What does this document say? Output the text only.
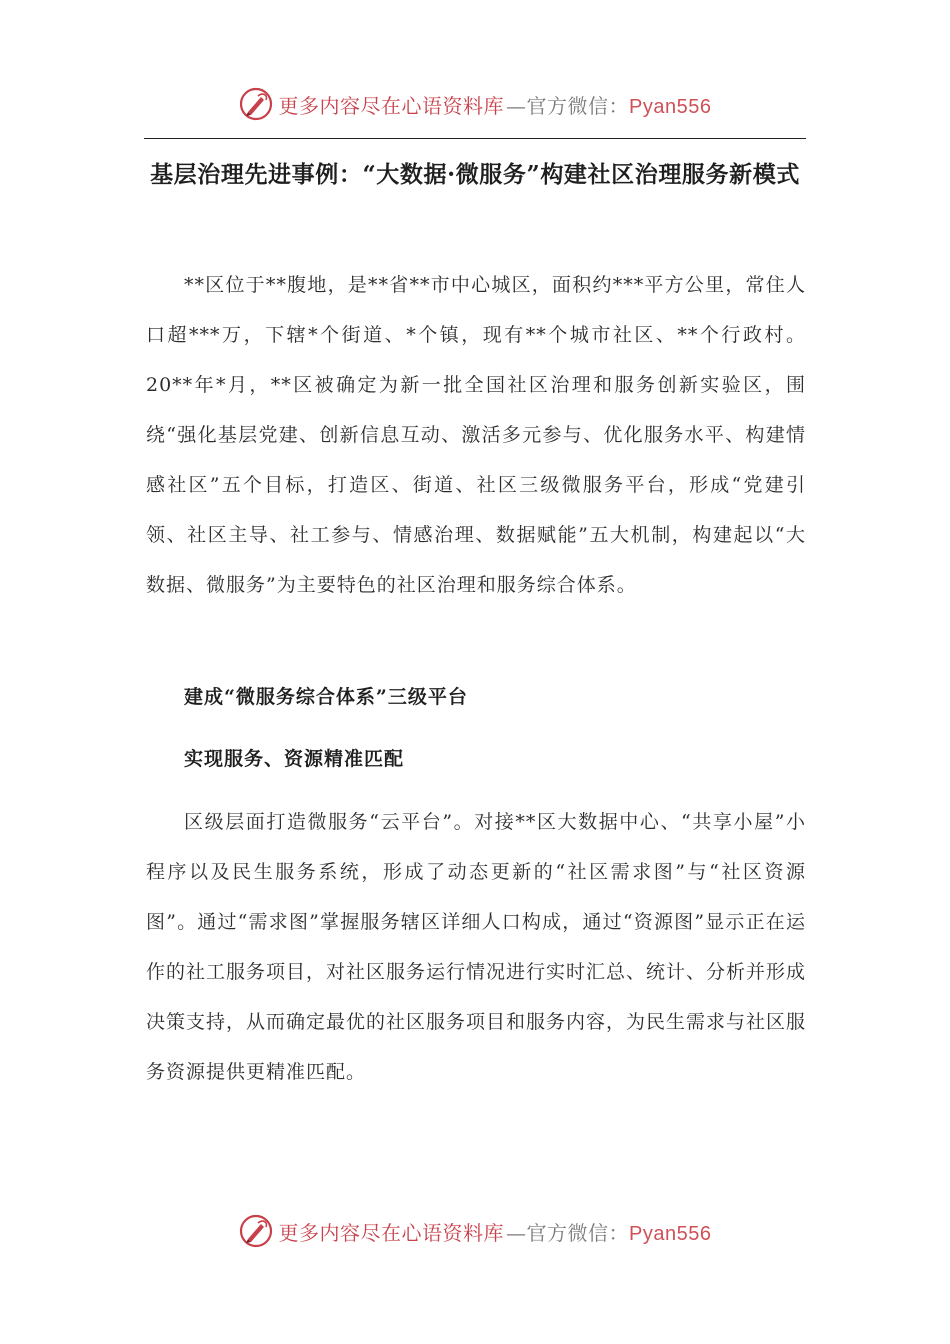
更多内容尽在心语资料库 —官方微信：Pyan556
基层治理先进事例：“大数据·微服务”构建社区治理服务新模式

**区位于**腹地，是**省**市中心城区，面积约***平方公里，常住人口超***万，下辖*个街道、*个镇，现有**个城市社区、**个行政村。20**年*月，**区被确定为新一批全国社区治理和服务创新实验区，围绕“强化基层党建、创新信息互动、激活多元参与、优化服务水平、构建情感社区”五个目标，打造区、街道、社区三级微服务平台，形成“党建引领、社区主导、社工参与、情感治理、数据赋能”五大机制，构建起以“大数据、微服务”为主要特色的社区治理和服务综合体系。

建成“微服务综合体系”三级平台

实现服务、资源精准匹配

区级层面打造微服务“云平台”。对接**区大数据中心、“共享小屋”小程序以及民生服务系统，形成了动态更新的“社区需求图”与“社区资源图”。通过“需求图”掌握服务辖区详细人口构成，通过“资源图”显示正在运作的社工服务项目，对社区服务运行情况进行实时汇总、统计、分析并形成决策支持，从而确定最优的社区服务项目和服务内容，为民生需求与社区服务资源提供更精准匹配。

更多内容尽在心语资料库 —官方微信：Pyan556
